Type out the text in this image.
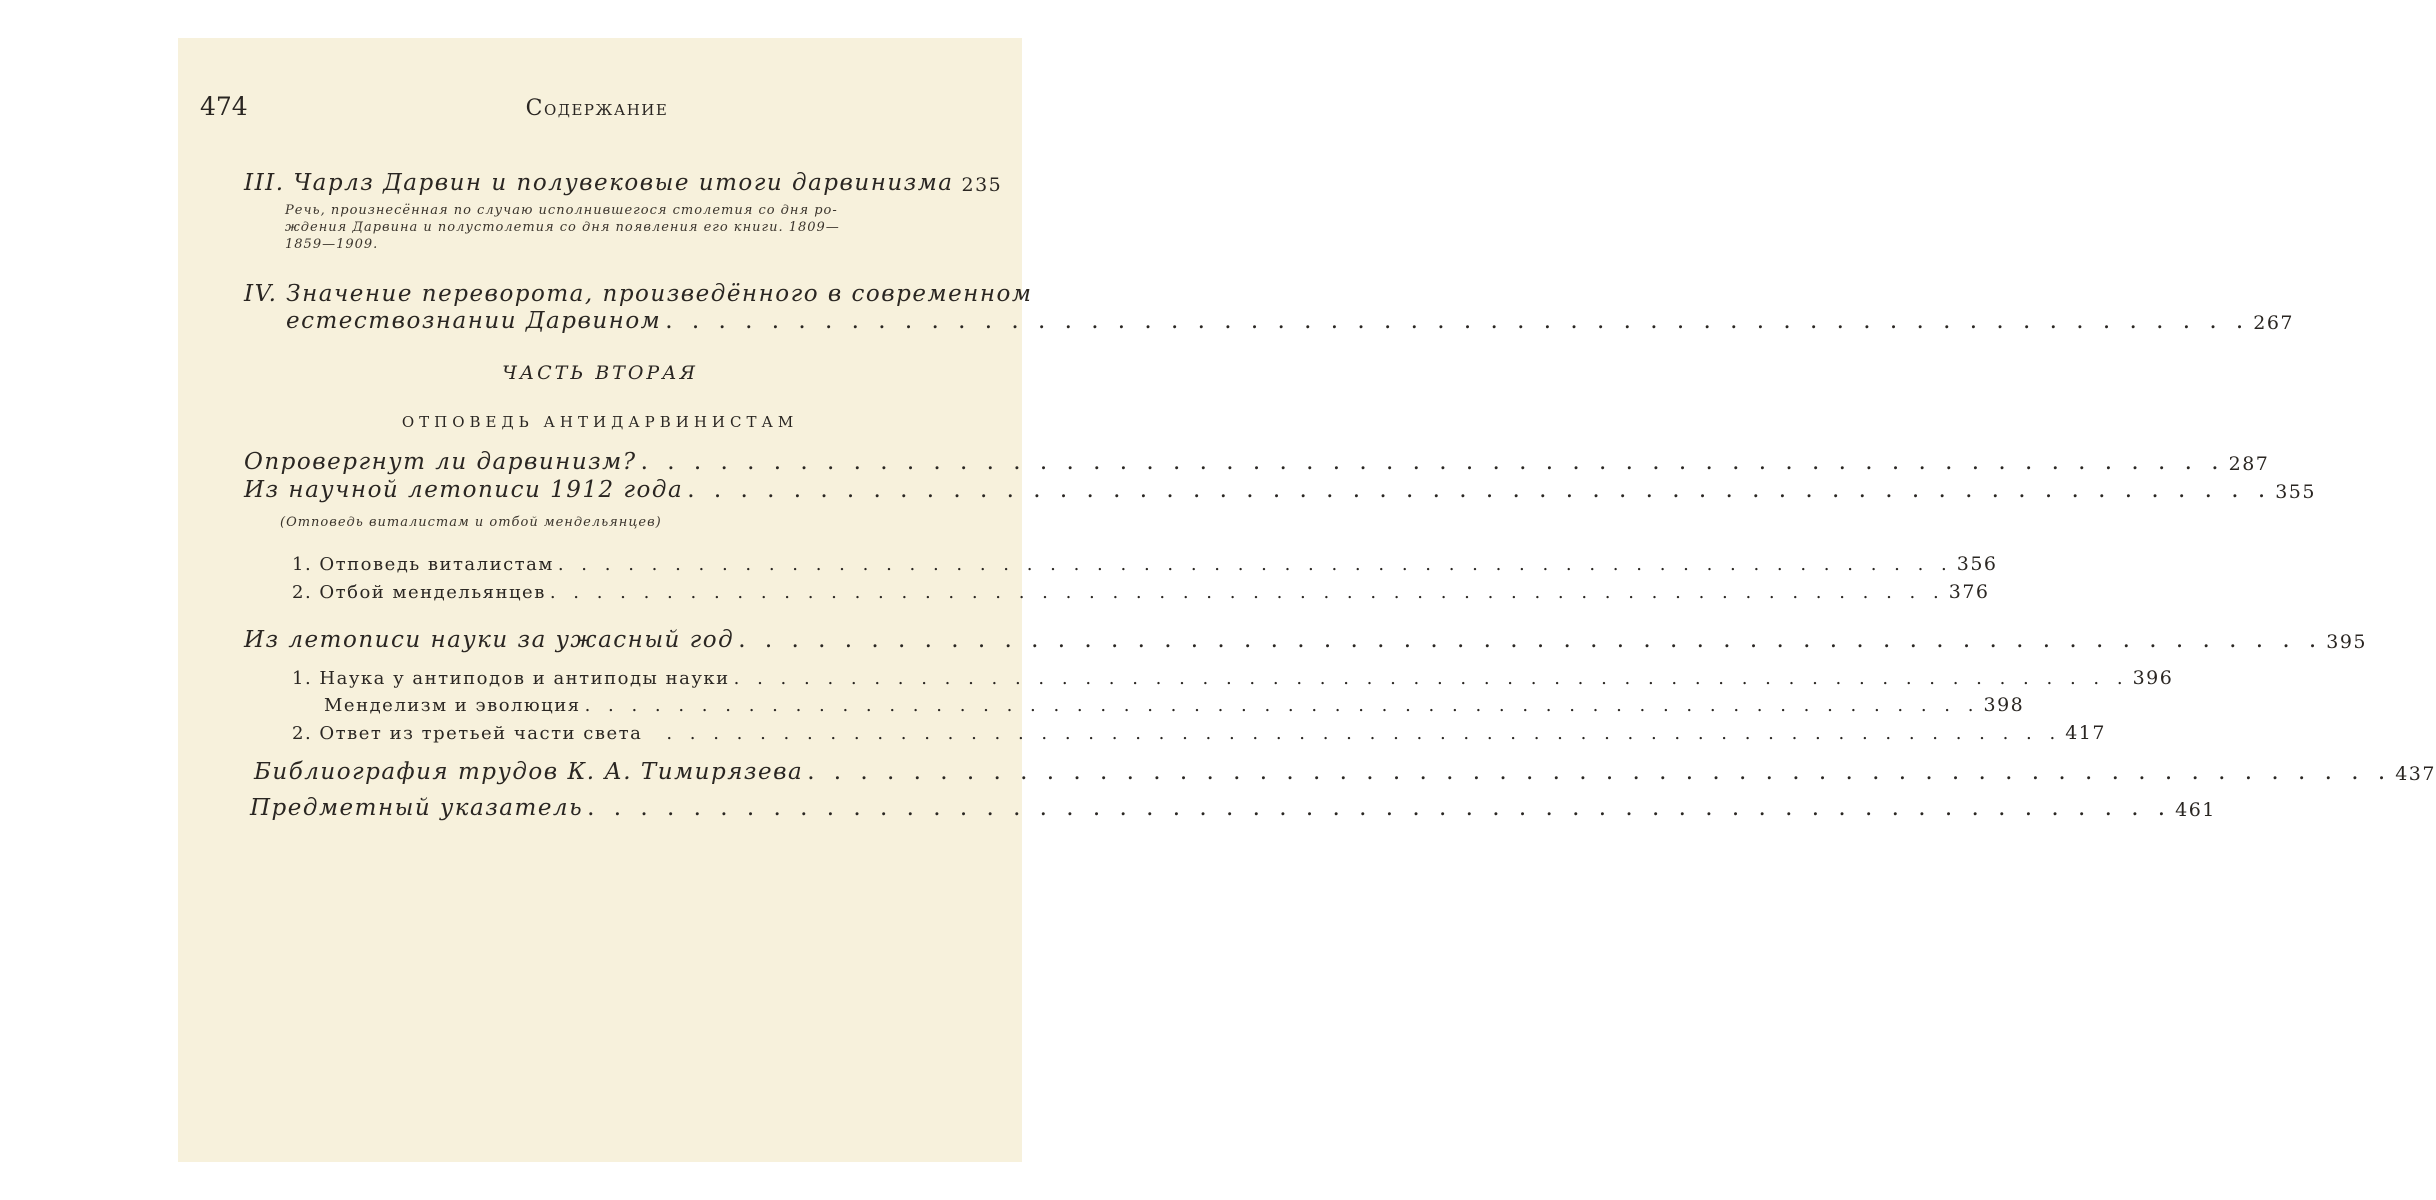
474	Содержание
III. Чарлз Дарвин и полувековые итоги дарвинизма 235
Речь, произнесённая по случаю исполнившегося столетия со дня ро-
ждения Дарвина и полустолетия со дня появления его книги. 1809—
1859—1909.
IV. Значение переворота, произведённого в современном
естествознании Дарвином . . . . . . . . . . . . . . . . . . . . . . . . . . . . . . . . . . . . . . . . . . . . . . . . . . . . . . . . . . . . 267
ЧАСТЬ ВТОРАЯ
ОТПОВЕДЬ АНТИДАРВИНИСТАМ
Опровергнут ли дарвинизм? . . . . . . . . . . . . . . . . . . . . . . . . . . . . . . . . . . . . . . . . . . . . . . . . . . . . . . . . . . . . 287
Из научной летописи 1912 года . . . . . . . . . . . . . . . . . . . . . . . . . . . . . . . . . . . . . . . . . . . . . . . . . . . . . . . . . . . . 355
(Отповедь виталистам и отбой мендельянцев)
1. Отповедь виталистам . . . . . . . . . . . . . . . . . . . . . . . . . . . . . . . . . . . . . . . . . . . . . . . . . . . . . . . . . . . . 356
2. Отбой мендельянцев . . . . . . . . . . . . . . . . . . . . . . . . . . . . . . . . . . . . . . . . . . . . . . . . . . . . . . . . . . . . 376
Из летописи науки за ужасный год . . . . . . . . . . . . . . . . . . . . . . . . . . . . . . . . . . . . . . . . . . . . . . . . . . . . . . . . . . . . 395
1. Наука у антиподов и антиподы науки . . . . . . . . . . . . . . . . . . . . . . . . . . . . . . . . . . . . . . . . . . . . . . . . . . . . . . . . . . . . 396
Менделизм и эволюция . . . . . . . . . . . . . . . . . . . . . . . . . . . . . . . . . . . . . . . . . . . . . . . . . . . . . . . . . . . . 398
2. Ответ из третьей части света . . . . . . . . . . . . . . . . . . . . . . . . . . . . . . . . . . . . . . . . . . . . . . . . . . . . . . . . . . . . 417
Библиография трудов К. А. Тимирязева . . . . . . . . . . . . . . . . . . . . . . . . . . . . . . . . . . . . . . . . . . . . . . . . . . . . . . . . . . . . 437
Предметный указатель . . . . . . . . . . . . . . . . . . . . . . . . . . . . . . . . . . . . . . . . . . . . . . . . . . . . . . . . . . . . 461
